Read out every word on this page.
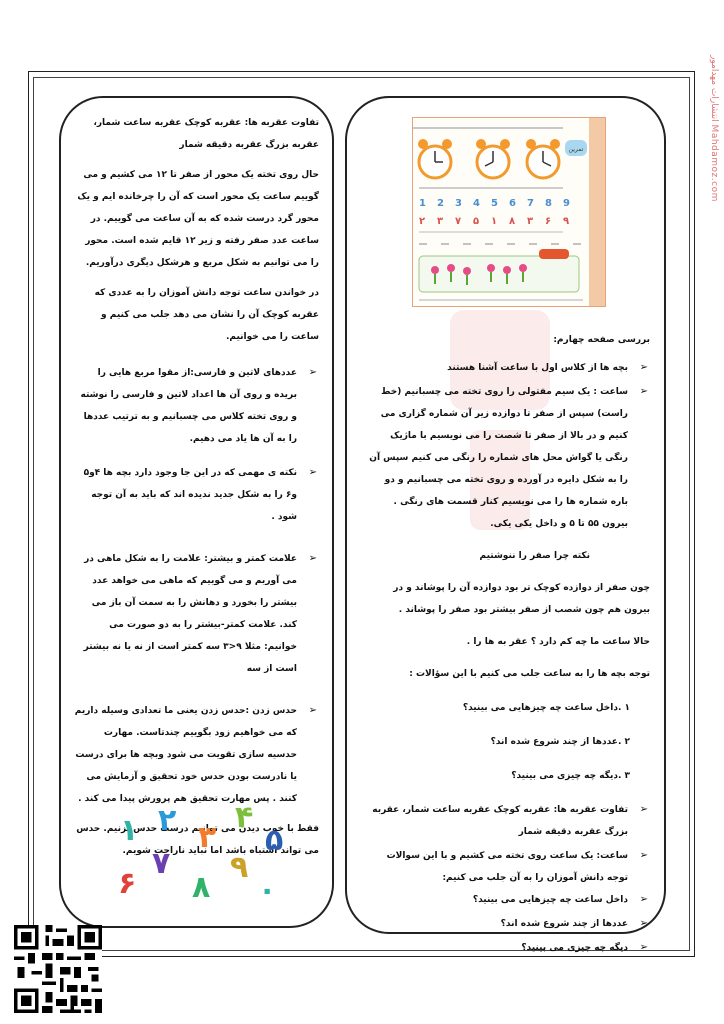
انتشارات مهدامور Mahdamoz.com

تفاوت عقربه ها: عقربه کوچک عقربه ساعت شمار، عقربه بزرگ عقربه دقیقه شمار

حال روی تخته یک محور از صفر تا ۱۲ می کشیم و می گوییم ساعت یک محور است که آن را چرخانده ایم و یک محور گرد درست شده که به آن ساعت می گوییم. در ساعت عدد صفر رفته و زیر ۱۲ قایم شده است. محور را می توانیم به شکل مربع و هرشکل دیگری درآوریم.

در خواندن ساعت توجه دانش آموزان را به عددی که عقربه کوچک آن را نشان می دهد جلب می کنیم و ساعت را می خوانیم.

➢
عددهای لاتین و فارسی:از مقوا مربع هایی را بریده و روی آن ها اعداد لاتین و فارسی را نوشته و روی تخته کلاس می چسبانیم و به ترتیب عددها را به آن ها یاد می دهیم.
➢
نکته ی مهمی که در این جا وجود دارد بچه ها ۴و۵ و۶ را به شکل جدید ندیده اند که باید به آن توجه شود .
➢
علامت کمتر و بیشتر: علامت را به شکل ماهی در می آوریم و می گوییم که ماهی می خواهد عدد بیشتر را بخورد و دهانش را به سمت آن باز می کند. علامت کمتر-بیشتر را به دو صورت می خوانیم: مثلا ۹<۳ سه کمتر است از نه یا نه بیشتر است از سه
➢
حدس زدن :حدس زدن یعنی ما تعدادی وسیله داریم که می خواهیم زود بگوییم چندتاست. مهارت حدسیه سازی تقویت می شود وبچه ها برای درست یا نادرست بودن حدس خود تحقیق و آزمایش می کنند . پس مهارت تحقیق هم پرورش پیدا می کند .

فقط با خوب دیدن می توانیم درست حدس بزنیم. حدس می تواند اشتباه باشد اما نباید ناراحت شویم.

۱ ۲ ۳
۴
۵
۶
۷
۸
۹
۰
تمرین
1 2 3 4 5 6 7 8 9
۲ ۳ ۷ ۵ ۱ ۸ ۳ ۶ ۹

بررسی صفحه چهارم:

➢
بچه ها از کلاس اول با ساعت آشنا هستند
➢
ساعت : یک سیم مفتولی را روی تخته می چسبانیم (خط راست) سپس از صفر تا دوازده زیر آن شماره گزاری می کنیم و در بالا از صفر تا شصت را می نویسیم با ماژیک رنگی یا گواش محل های شماره را رنگی می کنیم سپس آن را به شکل دایره در آورده و روی تخته می چسبانیم و دو باره شماره ها را می نویسیم کنار قسمت های رنگی . بیرون ۵۵ تا ۵ و داخل یکی یکی.

نکته چرا صفر را ننوشتیم

چون صفر از دوازده کوچک تر بود دوازده آن را پوشاند و در بیرون هم چون شصب از صفر بیشتر بود صفر را پوشاند .

حالا ساعت ما چه کم دارد ؟ عقر به ها را .

توجه بچه ها را به ساعت جلب می کنیم با این سؤالات :

۱ .داخل ساعت چه چیزهایی می بینید؟

۲ .عددها از چند شروع شده اند؟

۳ .دیگه چه چیزی می بینید؟

➢
تفاوت عقربه ها: عقربه کوچک عقربه ساعت شمار، عقربه بزرگ عقربه دقیقه شمار
➢
ساعت: یک ساعت روی تخته می کشیم و با این سوالات توجه دانش آموزان را به آن جلب می کنیم:
➢
داخل ساعت چه چیزهایی می بینید؟
➢
عددها از چند شروع شده اند؟
➢
دیگه چه چیزی می بینید؟
